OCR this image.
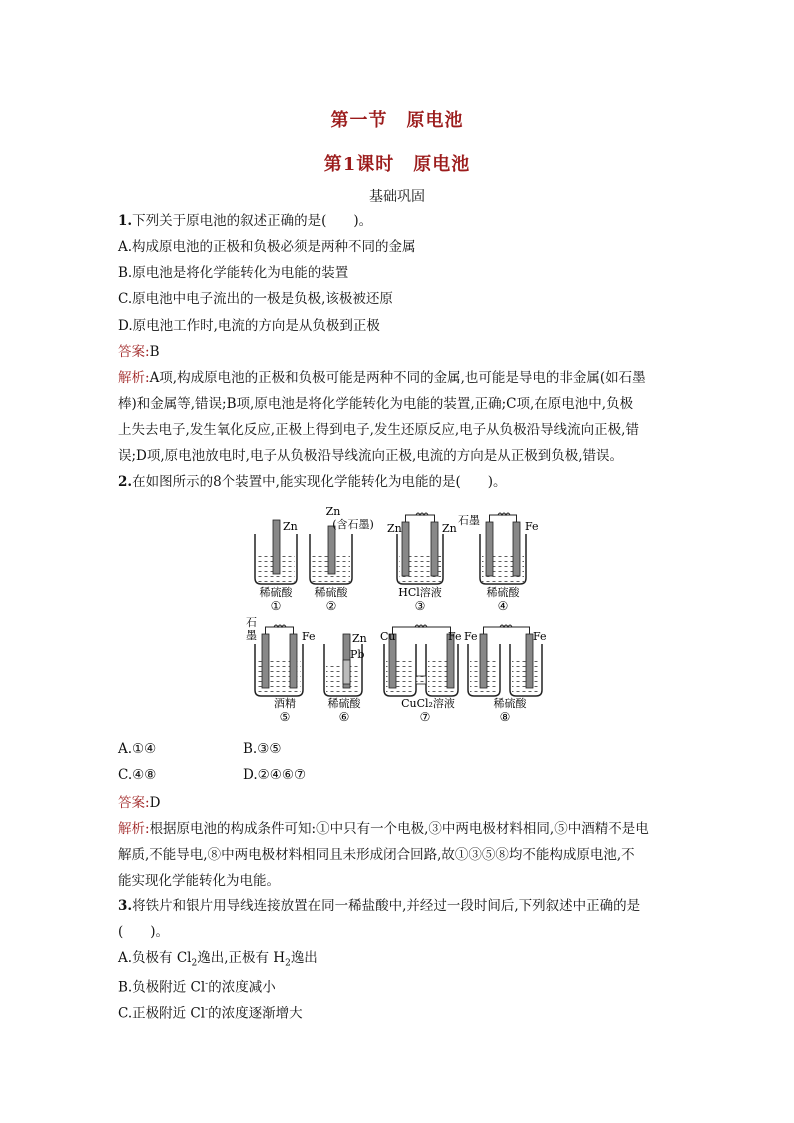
第一节　原电池
第1课时　原电池
基础巩固
1.下列关于原电池的叙述正确的是(　　)。
A.构成原电池的正极和负极必须是两种不同的金属
B.原电池是将化学能转化为电能的装置
C.原电池中电子流出的一极是负极,该极被还原
D.原电池工作时,电流的方向是从负极到正极
答案:B
解析:A项,构成原电池的正极和负极可能是两种不同的金属,也可能是导电的非金属(如石墨
棒)和金属等,错误;B项,原电池是将化学能转化为电能的装置,正确;C项,在原电池中,负极
上失去电子,发生氧化反应,正极上得到电子,发生还原反应,电子从负极沿导线流向正极,错
误;D项,原电池放电时,电子从负极沿导线流向正极,电流的方向是从正极到负极,错误。
2.在如图所示的8个装置中,能实现化学能转化为电能的是(　　)。
Zn
稀硫酸
①
Zn
(含石墨)
稀硫酸
②
Zn	Zn
HCl溶液
③
石墨	Fe
稀硫酸
④
石
墨	Fe
酒精
⑤
Zn
Pb
稀硫酸
⑥
Cu	Fe
CuCl₂溶液
⑦
Fe	Fe
稀硫酸
⑧
A.①④	B.③⑤
C.④⑧	D.②④⑥⑦
答案:D
解析:根据原电池的构成条件可知:①中只有一个电极,③中两电极材料相同,⑤中酒精不是电
解质,不能导电,⑧中两电极材料相同且未形成闭合回路,故①③⑤⑧均不能构成原电池,不
能实现化学能转化为电能。
3.将铁片和银片用导线连接放置在同一稀盐酸中,并经过一段时间后,下列叙述中正确的是
(　　)。
A.负极有 $Cl_2$逸出,正极有 $H_2$逸出
B.负极附近 Cl-的浓度减小
C.正极附近 Cl-的浓度逐渐增大
